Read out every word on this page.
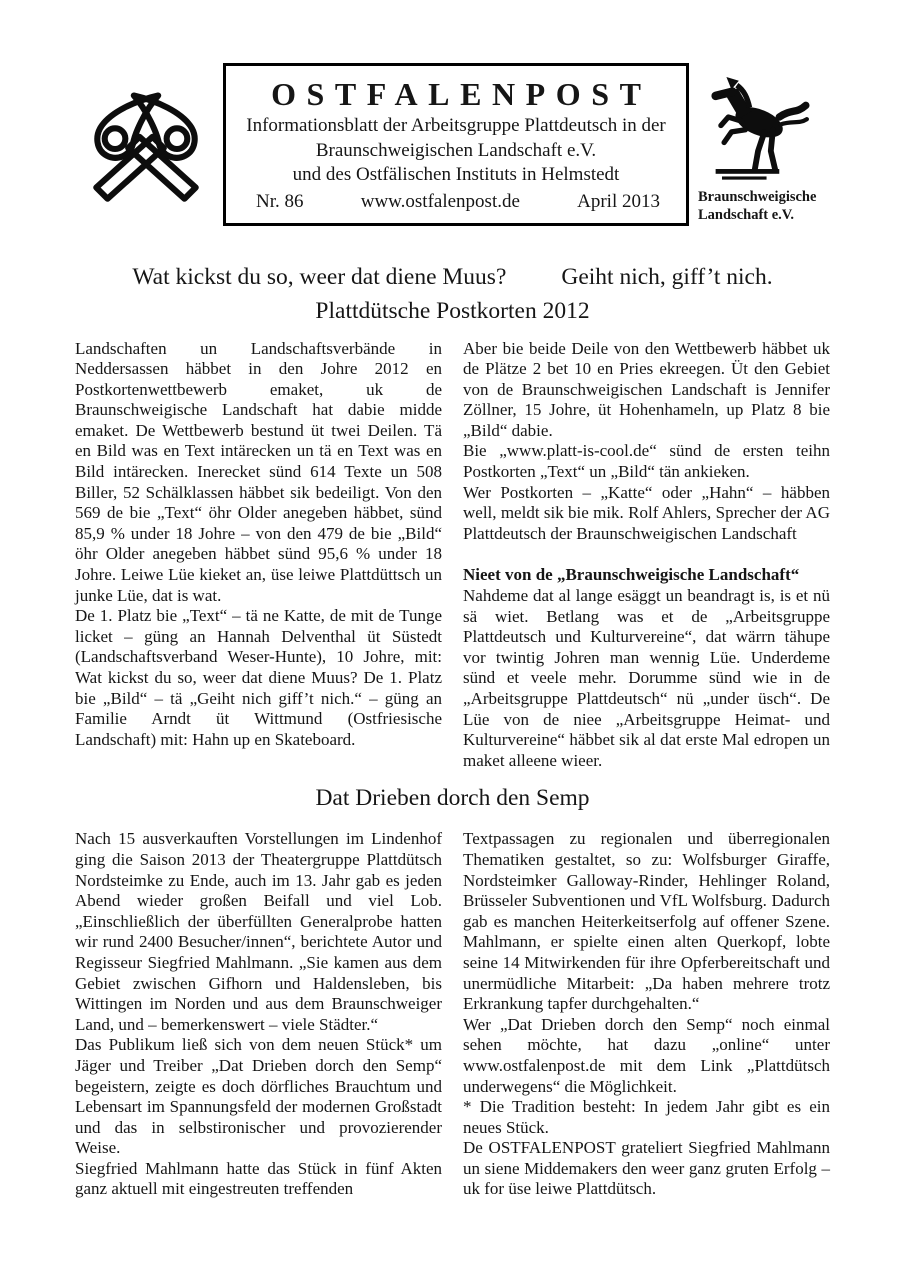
OSTFALENPOST
Informationsblatt der Arbeitsgruppe Plattdeutsch in der
Braunschweigischen Landschaft e.V.
und des Ostfälischen Instituts in Helmstedt
Nr. 86	www.ostfalenpost.de	April 2013	Braunschweigische
Landschaft e.V.
Wat kickst du so, weer dat diene Muus? Geiht nich, giff’t nich.
Plattdütsche Postkorten 2012

Landschaften un Landschaftsverbände in Neddersassen häbbet in den Johre 2012 en Postkortenwettbewerb emaket, uk de Braunschweigische Landschaft hat dabie midde emaket. De Wettbewerb bestund üt twei Deilen. Tä en Bild was en Text intärecken un tä en Text was en Bild intärecken. Inerecket sünd 614 Texte un 508 Biller, 52 Schälklassen häbbet sik bedeiligt. Von den 569 de bie „Text“ öhr Older anegeben häbbet, sünd 85,9 % under 18 Johre – von den 479 de bie „Bild“ öhr Older anegeben häbbet sünd 95,6 % under 18 Johre. Leiwe Lüe kieket an, üse leiwe Plattdüttsch un junke Lüe, dat is wat.

De 1. Platz bie „Text“ – tä ne Katte, de mit de Tunge licket – güng an Hannah Delventhal üt Süstedt (Landschaftsverband Weser-Hunte), 10 Johre, mit: Wat kickst du so, weer dat diene Muus? De 1. Platz bie „Bild“ – tä „Geiht nich giff’t nich.“ – güng an Familie Arndt üt Wittmund (Ostfriesische Landschaft) mit: Hahn up en Skateboard.

Aber bie beide Deile von den Wettbewerb häbbet uk de Plätze 2 bet 10 en Pries ekreegen. Üt den Gebiet von de Braunschweigischen Landschaft is Jennifer Zöllner, 15 Johre, üt Hohenhameln, up Platz 8 bie „Bild“ dabie.

Bie „www.platt-is-cool.de“ sünd de ersten teihn Postkorten „Text“ un „Bild“ tän ankieken.

Wer Postkorten – „Katte“ oder „Hahn“ – häbben well, meldt sik bie mik. Rolf Ahlers, Sprecher der AG Plattdeutsch der Braunschweigischen Landschaft

Nieet von de „Braunschweigische Landschaft“

Nahdeme dat al lange esäggt un beandragt is, is et nü sä wiet. Betlang was et de „Arbeitsgruppe Plattdeutsch und Kulturvereine“, dat wärrn tähupe vor twintig Johren man wennig Lüe. Underdeme sünd et veele mehr. Dorumme sünd wie in de „Arbeitsgruppe Plattdeutsch“ nü „under üsch“. De Lüe von de niee „Arbeitsgruppe Heimat- und Kulturvereine“ häbbet sik al dat erste Mal edropen un maket alleene wieer.

Dat Drieben dorch den Semp

Nach 15 ausverkauften Vorstellungen im Lindenhof ging die Saison 2013 der Theatergruppe Plattdütsch Nordsteimke zu Ende, auch im 13. Jahr gab es jeden Abend wieder großen Beifall und viel Lob. „Einschließlich der überfüllten Generalprobe hatten wir rund 2400 Besucher/innen“, berichtete Autor und Regisseur Siegfried Mahlmann. „Sie kamen aus dem Gebiet zwischen Gifhorn und Haldensleben, bis Wittingen im Norden und aus dem Braunschweiger Land, und – bemerkenswert – viele Städter.“

Das Publikum ließ sich von dem neuen Stück* um Jäger und Treiber „Dat Drieben dorch den Semp“ begeistern, zeigte es doch dörfliches Brauchtum und Lebensart im Spannungsfeld der modernen Großstadt und das in selbstironischer und provozierender Weise.

Siegfried Mahlmann hatte das Stück in fünf Akten ganz aktuell mit eingestreuten treffenden

Textpassagen zu regionalen und überregionalen Thematiken gestaltet, so zu: Wolfsburger Giraffe, Nordsteimker Galloway-Rinder, Hehlinger Roland, Brüsseler Subventionen und VfL Wolfsburg. Dadurch gab es manchen Heiterkeitserfolg auf offener Szene. Mahlmann, er spielte einen alten Querkopf, lobte seine 14 Mitwirkenden für ihre Opferbereitschaft und unermüdliche Mitarbeit: „Da haben mehrere trotz Erkrankung tapfer durchgehalten.“

Wer „Dat Drieben dorch den Semp“ noch einmal sehen möchte, hat dazu „online“ unter www.ostfalenpost.de mit dem Link „Plattdütsch underwegens“ die Möglichkeit.

* Die Tradition besteht: In jedem Jahr gibt es ein neues Stück.

De OSTFALENPOST grateliert Siegfried Mahlmann un siene Middemakers den weer ganz gruten Erfolg – uk for üse leiwe Plattdütsch.
